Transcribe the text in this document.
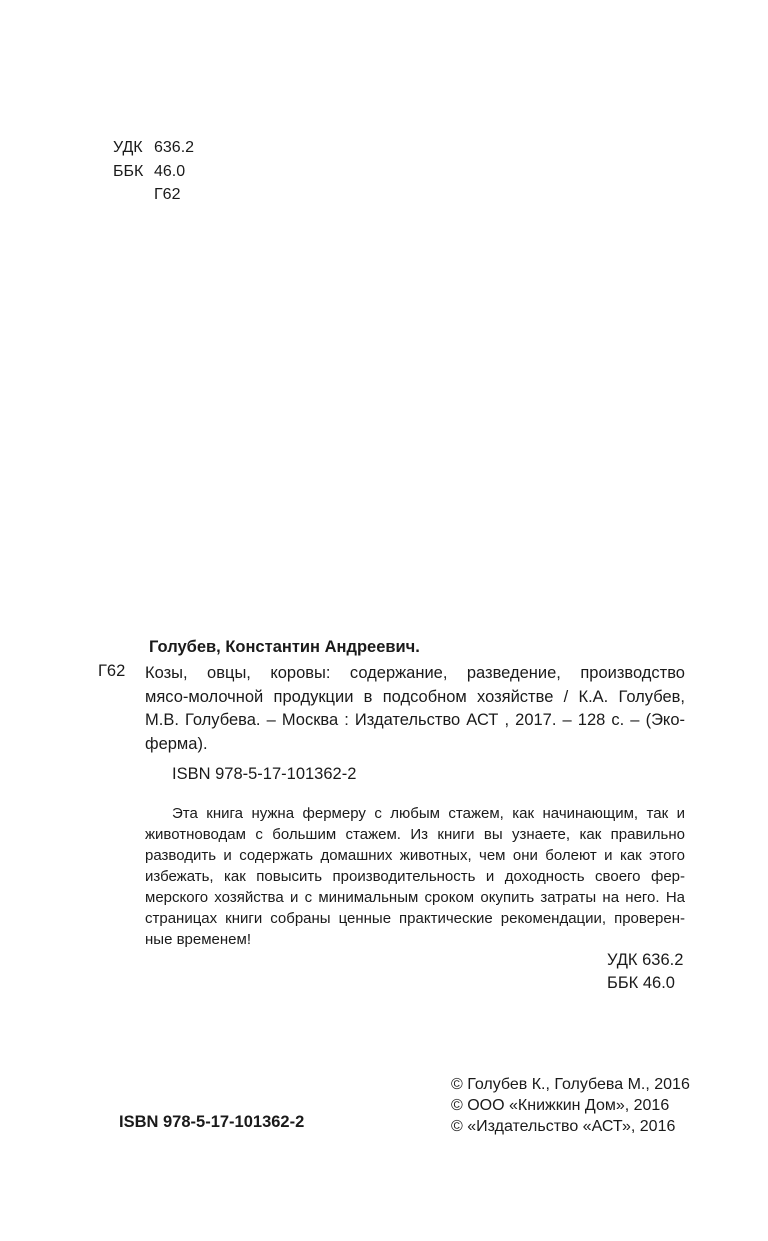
УДК 636.2
ББК 46.0
Г62
Голубев, Константин Андреевич.
Г62 Козы, овцы, коровы: содержание, разведение, производство
мясо-молочной продукции в подсобном хозяйстве / К.А. Голубев,
М.В. Голубева. – Москва : Издательство АСТ , 2017. – 128 с. – (Эко-
ферма).
ISBN 978-5-17-101362-2
Эта книга нужна фермеру с любым стажем, как начинающим, так и
животноводам с большим стажем. Из книги вы узнаете, как правильно
разводить и содержать домашних животных, чем они болеют и как этого
избежать, как повысить производительность и доходность своего фер-
мерского хозяйства и с минимальным сроком окупить затраты на него. На
страницах книги собраны ценные практические рекомендации, проверен-
ные временем!
УДК 636.2
ББК 46.0
© Голубев К., Голубева М., 2016
© ООО «Книжкин Дом», 2016
© «Издательство «АСТ», 2016
ISBN 978-5-17-101362-2
